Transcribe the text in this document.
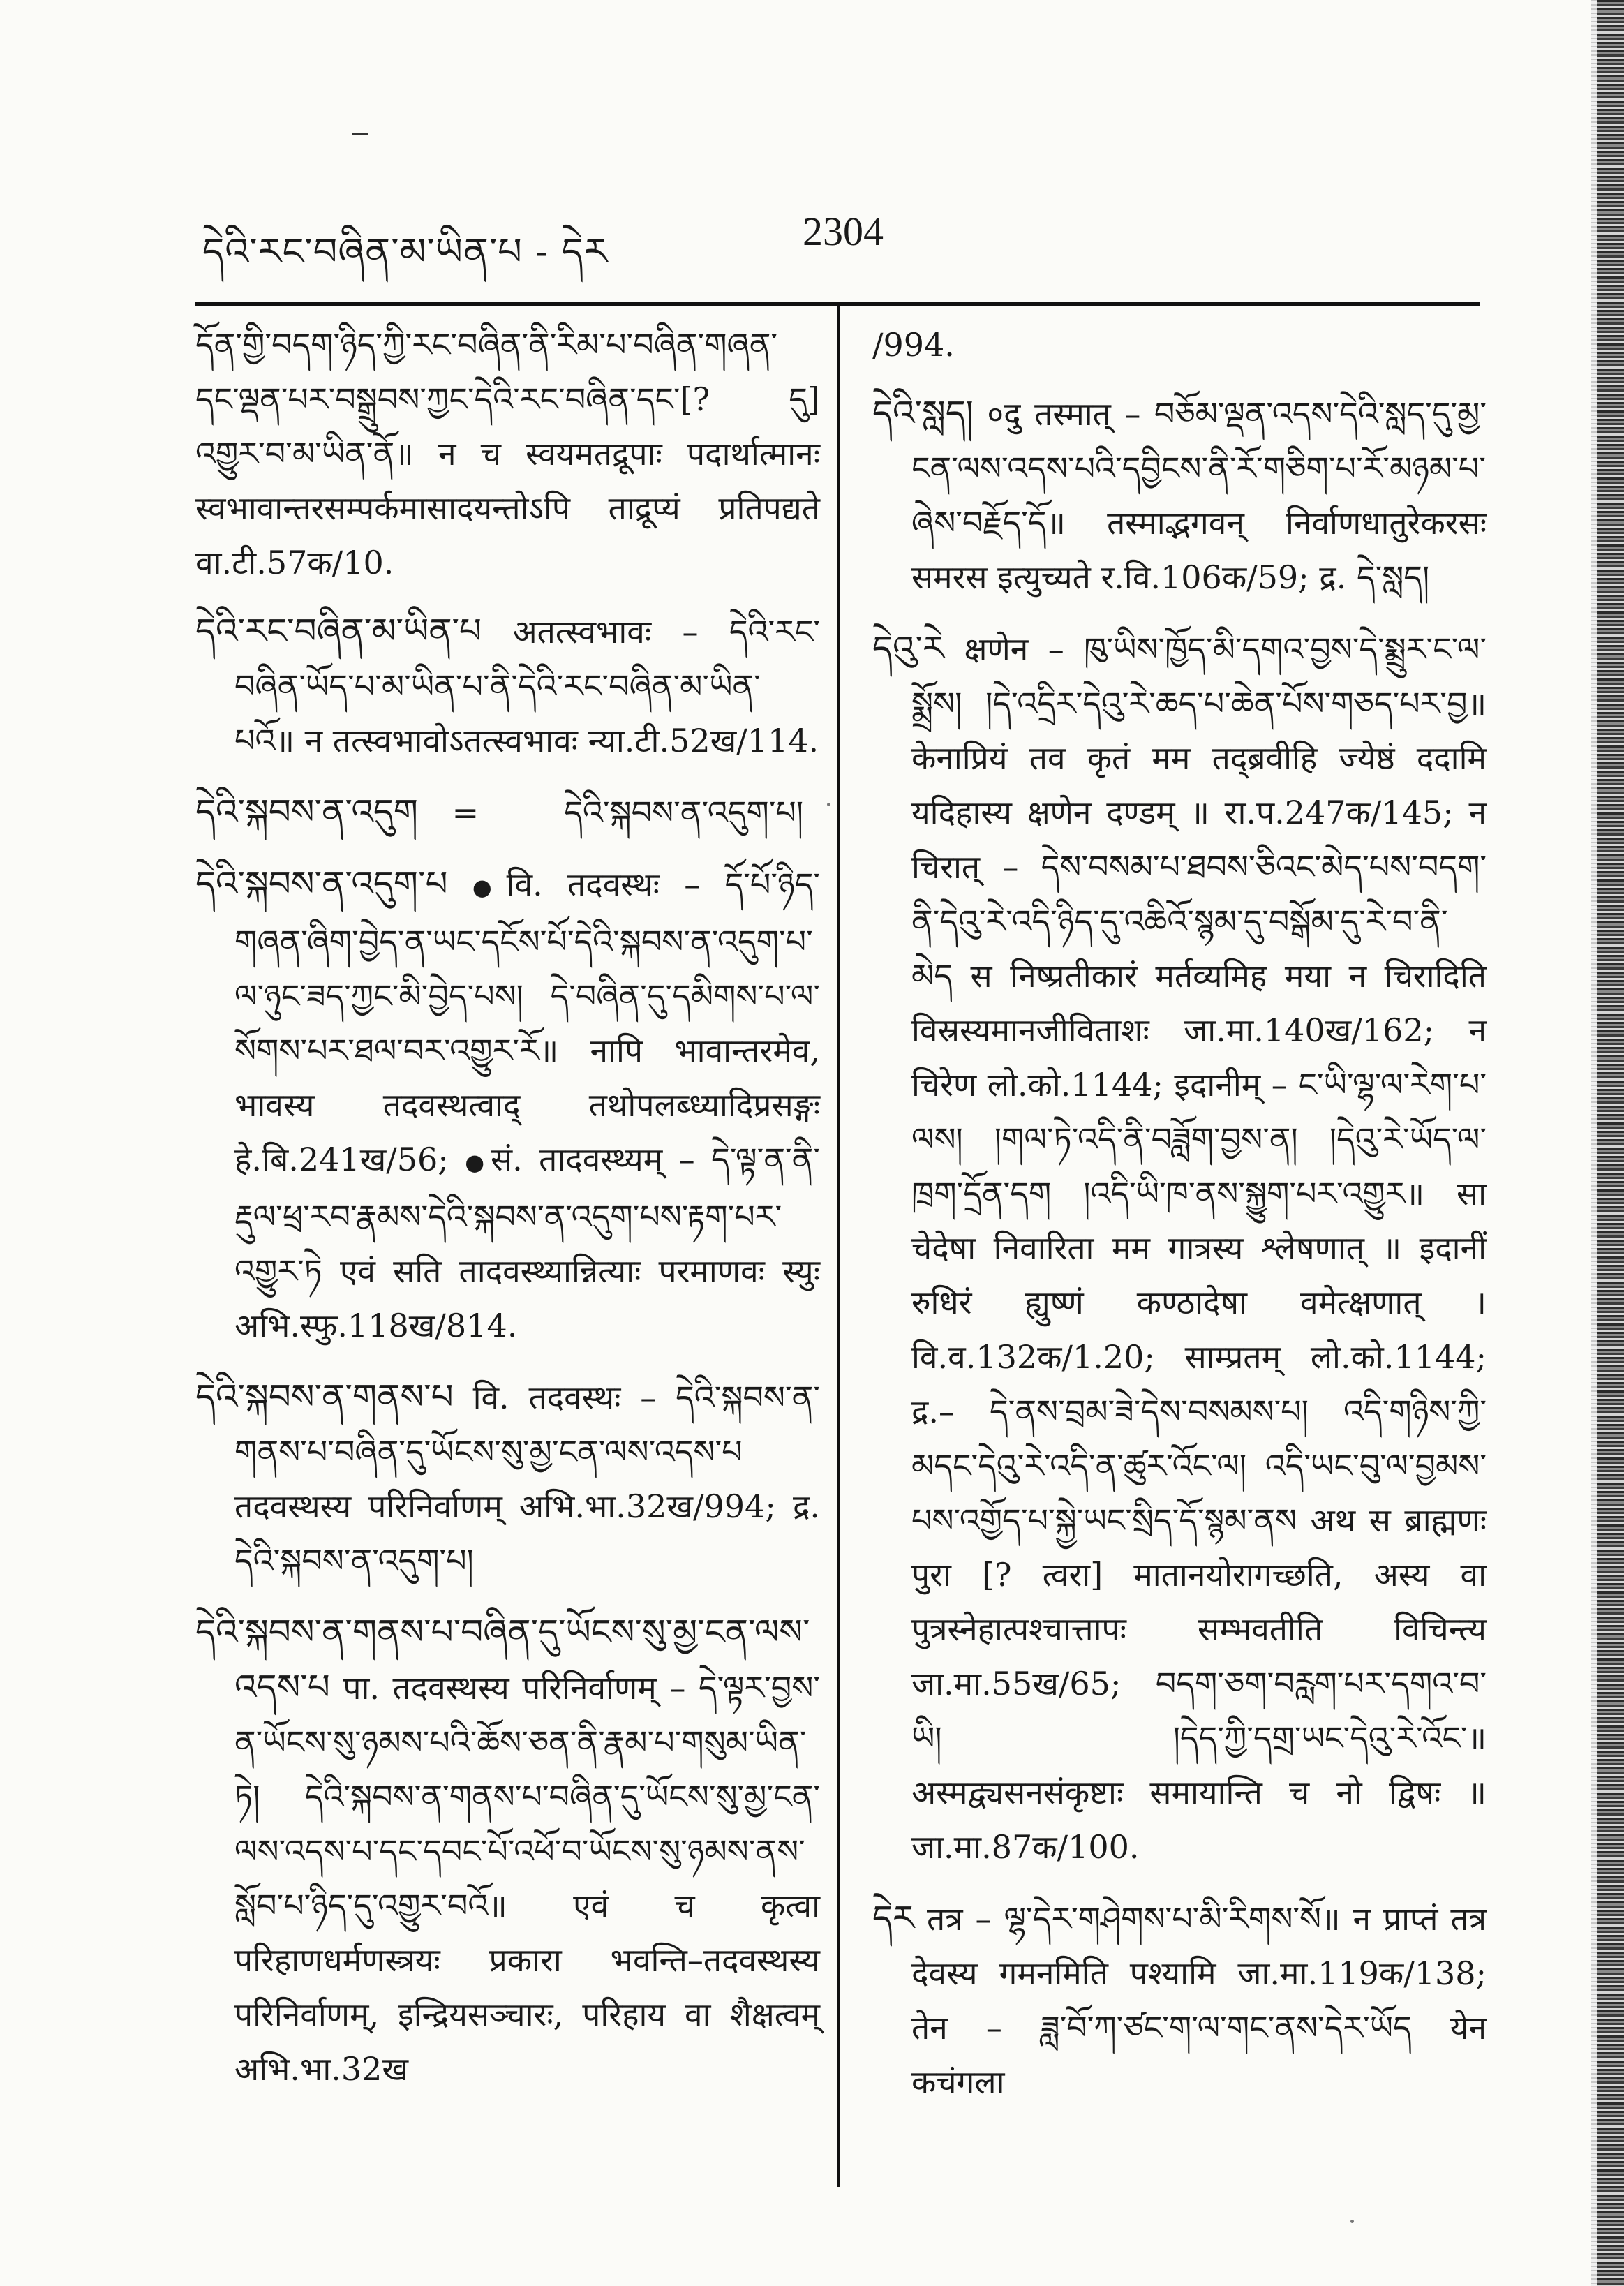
དེའི་རང་བཞིན་མ་ཡིན་པ - དེར	2304

དོན་གྱི་བདག་ཉིད་ཀྱི་རང་བཞིན་ནི་རིམ་པ་བཞིན་གཞན་དང་ལྡན་པར་བསྒྲུབས་ཀྱང་དེའི་རང་བཞིན་དང་[? དུ] འགྱུར་བ་མ་ཡིན་ནོ॥ न च स्वयमतद्रूपाः पदार्थात्मानः स्वभावान्तरसम्पर्कमासादयन्तोऽपि ताद्रूप्यं प्रतिपद्यते वा.टी.57क/10.

དེའི་རང་བཞིན་མ་ཡིན་པ अतत्स्वभावः – དེའི་རང་བཞིན་ཡོད་པ་མ་ཡིན་པ་ནི་དེའི་རང་བཞིན་མ་ཡིན་པའོ॥ न तत्स्वभावोऽतत्स्वभावः न्या.टी.52ख/114.

དེའི་སྐབས་ན་འདུག =	དེའི་སྐབས་ན་འདུག་པ།

དེའི་སྐབས་ན་འདུག་པ ●वि. तदवस्थः – དོ་པོ་ཉིད་གཞན་ཞིག་བྱེད་ན་ཡང་དངོས་པོ་དེའི་སྐབས་ན་འདུག་པ་ལ་ཉུང་ཟད་ཀྱང་མི་བྱེད་པས། དེ་བཞིན་དུ་དམིགས་པ་ལ་སོགས་པར་ཐལ་བར་འགྱུར་རོ॥ नापि भावान्तरमेव, भावस्य तदवस्थत्वाद् तथोपलब्ध्यादिप्रसङ्गः हे.बि.241ख/56; ●सं. तादवस्थ्यम् – དེ་ལྟ་ན་ནི་རྡུལ་ཕྲ་རབ་རྣམས་དེའི་སྐབས་ན་འདུག་པས་རྟག་པར་འགྱུར་ཏེ एवं सति तादवस्थ्यान्नित्याः परमाणवः स्युः अभि.स्फु.118ख/814.

དེའི་སྐབས་ན་གནས་པ वि. तदवस्थः – དེའི་སྐབས་ན་གནས་པ་བཞིན་དུ་ཡོངས་སུ་མྱ་ངན་ལས་འདས་པ तदवस्थस्य परिनिर्वाणम् अभि.भा.32ख/994; द्र. དེའི་སྐབས་ན་འདུག་པ།

དེའི་སྐབས་ན་གནས་པ་བཞིན་དུ་ཡོངས་སུ་མྱ་ངན་ལས་འདས་པ पा. तदवस्थस्य परिनिर्वाणम् – དེ་ལྟར་བྱས་ན་ཡོངས་སུ་ཉམས་པའི་ཆོས་ཅན་ནི་རྣམ་པ་གསུམ་ཡིན་ཏེ། དེའི་སྐབས་ན་གནས་པ་བཞིན་དུ་ཡོངས་སུ་མྱ་ངན་ལས་འདས་པ་དང་དབང་པོ་འཕོ་བ་ཡོངས་སུ་ཉམས་ནས་སློབ་པ་ཉིད་དུ་འགྱུར་བའོ॥ एवं च कृत्वा परिहाणधर्मणस्त्रयः प्रकारा भवन्ति–तदवस्थस्य परिनिर्वाणम्, इन्द्रियसञ्चारः, परिहाय वा शैक्षत्वम् अभि.भा.32ख

/994.

དེའི་སླད། ०दु तस्मात् – བཅོམ་ལྡན་འདས་དེའི་སླད་དུ་མྱ་ངན་ལས་འདས་པའི་དབྱིངས་ནི་རོ་གཅིག་པ་རོ་མཉམ་པ་ཞེས་བརྗོད་དོ॥ तस्माद्भगवन् निर्वाणधातुरेकरसः समरस इत्युच्यते र.वि.106क/59; द्र. དེ་སླད།

དེའུ་རེ क्षणेन – ཁུ་ཡིས་ཁྱོད་མི་དགའ་བྱས་དེ་སྨྲུར་ང་ལ་སྨྲོས། །དེ་འདྲིར་དེའུ་རེ་ཆད་པ་ཆེན་པོས་གཅད་པར་བྱ॥ केनाप्रियं तव कृतं मम तद्ब्रवीहि ज्येष्ठं ददामि यदिहास्य क्षणेन दण्डम् ॥ रा.प.247क/145; न चिरात् – དེས་བསམ་པ་ཐབས་ཅིའང་མེད་པས་བདག་ནི་དེའུ་རེ་འདི་ཉིད་དུ་འཆིའོ་སྙམ་དུ་བསྒོམ་དུ་རེ་བ་ནི་མེད स निष्प्रतीकारं मर्तव्यमिह मया न चिरादिति विस्रस्यमानजीविताशः जा.मा.140ख/162; न चिरेण लो.को.1144; इदानीम् – ང་ཡི་ལྷ་ལ་རེག་པ་ལས། །གལ་ཏེ་འདི་ནི་བཟློག་བྱས་ན། །དེའུ་རེ་ཡོད་ལ་ཁྲག་དྲོན་དག །འདི་ཡི་ཁ་ནས་སྐྱུག་པར་འགྱུར॥ सा चेदेषा निवारिता मम गात्रस्य श्लेषणात् ॥ इदानीं रुधिरं ह्युष्णं कण्ठादेषा वमेत्क्षणात् । वि.व.132क/1.20; साम्प्रतम् लो.को.1144; द्र.– དེ་ནས་བྲམ་ཟེ་དེས་བསམས་པ། འདི་གཉིས་ཀྱི་མདང་དེའུ་རེ་འདི་ན་ཚུར་འོང་ལ། འདི་ཡང་བུ་ལ་བྱམས་པས་འགྱོད་པ་སྐྱེ་ཡང་སྲིད་དོ་སྙམ་ནས अथ स ब्राह्मणः पुरा [? त्वरा] मातानयोरागच्छति, अस्य वा पुत्रस्नेहात्पश्चात्तापः सम्भवतीति विचिन्त्य जा.मा.55ख/65; བདག་ཅག་བརླག་པར་དགའ་བ་ཡི། །དེད་ཀྱི་དགྲ་ཡང་དེའུ་རེ་འོང་॥ अस्मद्व्यसनसंकृष्टाः समायान्ति च नो द्विषः ॥ जा.मा.87क/100.

དེར तत्र – ལྷ་དེར་གཤེགས་པ་མི་རིགས་སོ॥ न प्राप्तं तत्र देवस्य गमनमिति पश्यामि जा.मा.119क/138; तेन – ཟླ་བོ་ཀ་ཙང་ག་ལ་གང་ནས་དེར་ཡོད येन कचंगला
